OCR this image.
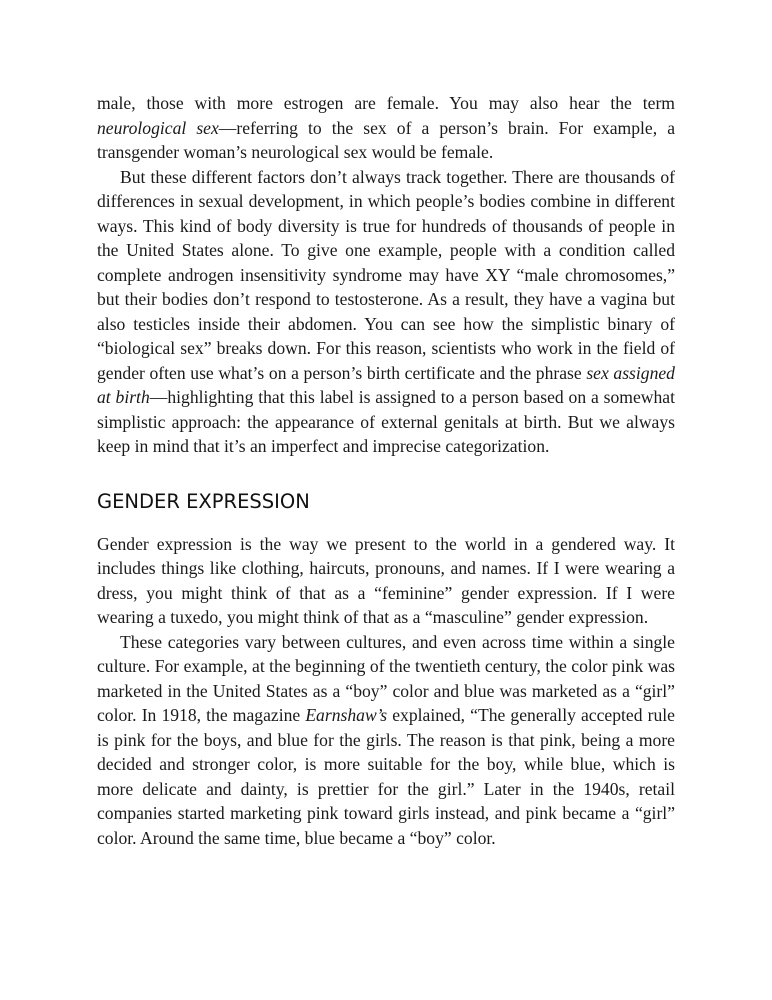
male, those with more estrogen are female. You may also hear the term neurological sex—referring to the sex of a person’s brain. For example, a transgender woman’s neurological sex would be female.

But these different factors don’t always track together. There are thousands of differences in sexual development, in which people’s bodies combine in different ways. This kind of body diversity is true for hundreds of thousands of people in the United States alone. To give one example, people with a condition called complete androgen insensitivity syndrome may have XY “male chromosomes,” but their bodies don’t respond to testosterone. As a result, they have a vagina but also testicles inside their abdomen. You can see how the simplistic binary of “biological sex” breaks down. For this reason, scientists who work in the field of gender often use what’s on a person’s birth certificate and the phrase sex assigned at birth—highlighting that this label is assigned to a person based on a somewhat simplistic approach: the appearance of external genitals at birth. But we always keep in mind that it’s an imperfect and imprecise categorization.

GENDER EXPRESSION

Gender expression is the way we present to the world in a gendered way. It includes things like clothing, haircuts, pronouns, and names. If I were wearing a dress, you might think of that as a “feminine” gender expression. If I were wearing a tuxedo, you might think of that as a “masculine” gender expression.

These categories vary between cultures, and even across time within a single culture. For example, at the beginning of the twentieth century, the color pink was marketed in the United States as a “boy” color and blue was marketed as a “girl” color. In 1918, the magazine Earnshaw’s explained, “The generally accepted rule is pink for the boys, and blue for the girls. The reason is that pink, being a more decided and stronger color, is more suitable for the boy, while blue, which is more delicate and dainty, is prettier for the girl.” Later in the 1940s, retail companies started marketing pink toward girls instead, and pink became a “girl” color. Around the same time, blue became a “boy” color.
